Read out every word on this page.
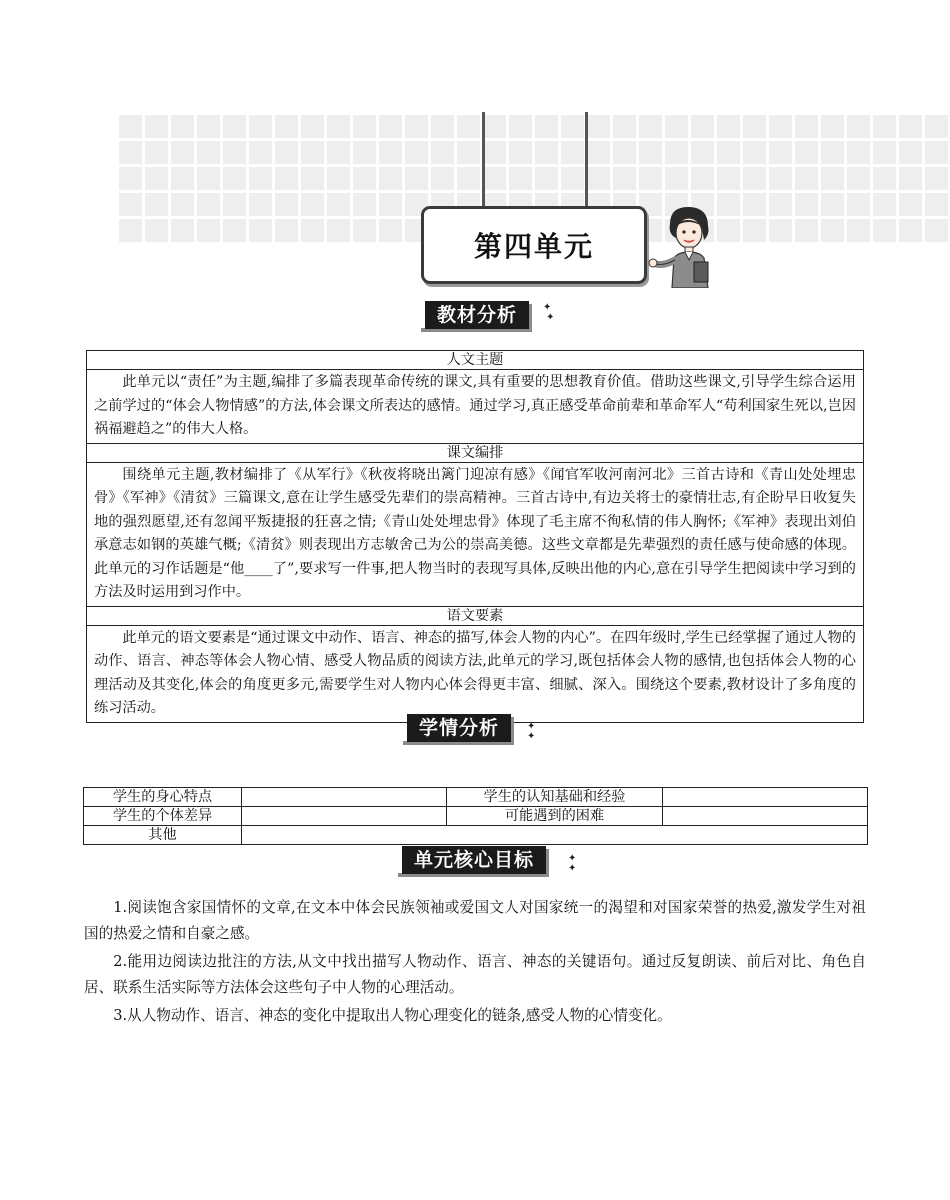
第四单元
教材分析	✦
✦
人文主题
此单元以“责任”为主题,编排了多篇表现革命传统的课文,具有重要的思想教育价值。借助这些课文,引导学生综合运用之前学过的“体会人物情感”的方法,体会课文所表达的感情。通过学习,真正感受革命前辈和革命军人“苟利国家生死以,岂因祸福避趋之”的伟大人格。
课文编排
围绕单元主题,教材编排了《从军行》《秋夜将晓出篱门迎凉有感》《闻官军收河南河北》三首古诗和《青山处处埋忠骨》《军神》《清贫》三篇课文,意在让学生感受先辈们的崇高精神。三首古诗中,有边关将士的豪情壮志,有企盼早日收复失地的强烈愿望,还有忽闻平叛捷报的狂喜之情;《青山处处埋忠骨》体现了毛主席不徇私情的伟人胸怀;《军神》表现出刘伯承意志如钢的英雄气概;《清贫》则表现出方志敏舍己为公的崇高美德。这些文章都是先辈强烈的责任感与使命感的体现。此单元的习作话题是“他____了”,要求写一件事,把人物当时的表现写具体,反映出他的内心,意在引导学生把阅读中学习到的方法及时运用到习作中。
语文要素
此单元的语文要素是“通过课文中动作、语言、神态的描写,体会人物的内心”。在四年级时,学生已经掌握了通过人物的动作、语言、神态等体会人物心情、感受人物品质的阅读方法,此单元的学习,既包括体会人物的感情,也包括体会人物的心理活动及其变化,体会的角度更多元,需要学生对人物内心体会得更丰富、细腻、深入。围绕这个要素,教材设计了多角度的练习活动。
学情分析	✦
✦
学生的身心特点		学生的认知基础和经验	
学生的个体差异		可能遇到的困难	
其他			
单元核心目标	✦
✦

1.阅读饱含家国情怀的文章,在文本中体会民族领袖或爱国文人对国家统一的渴望和对国家荣誉的热爱,激发学生对祖国的热爱之情和自豪之感。

2.能用边阅读边批注的方法,从文中找出描写人物动作、语言、神态的关键语句。通过反复朗读、前后对比、角色自居、联系生活实际等方法体会这些句子中人物的心理活动。

3.从人物动作、语言、神态的变化中提取出人物心理变化的链条,感受人物的心情变化。
